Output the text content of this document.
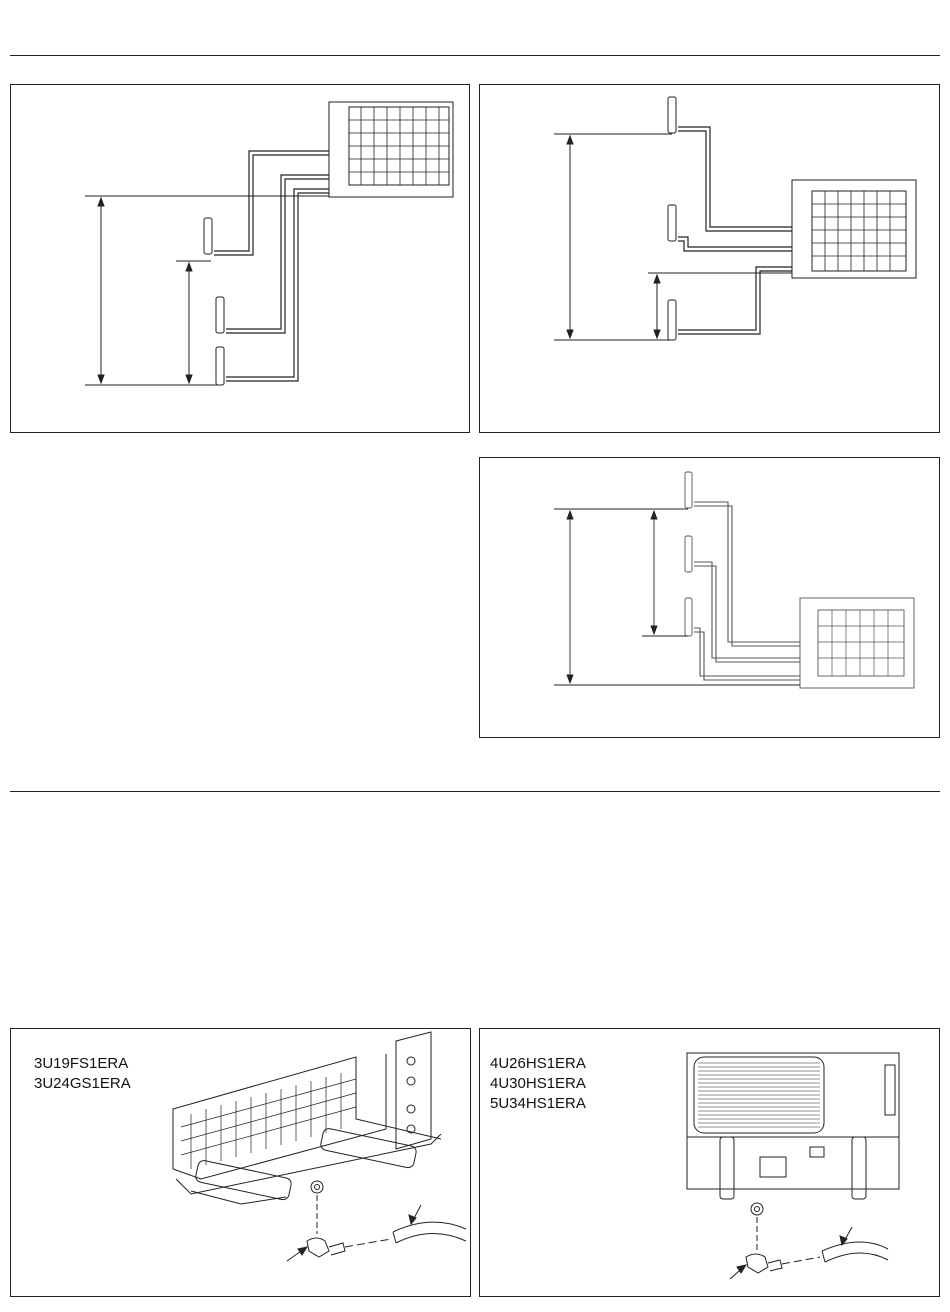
3U19FS1ERA
3U24GS1ERA
4U26HS1ERA
4U30HS1ERA
5U34HS1ERA
